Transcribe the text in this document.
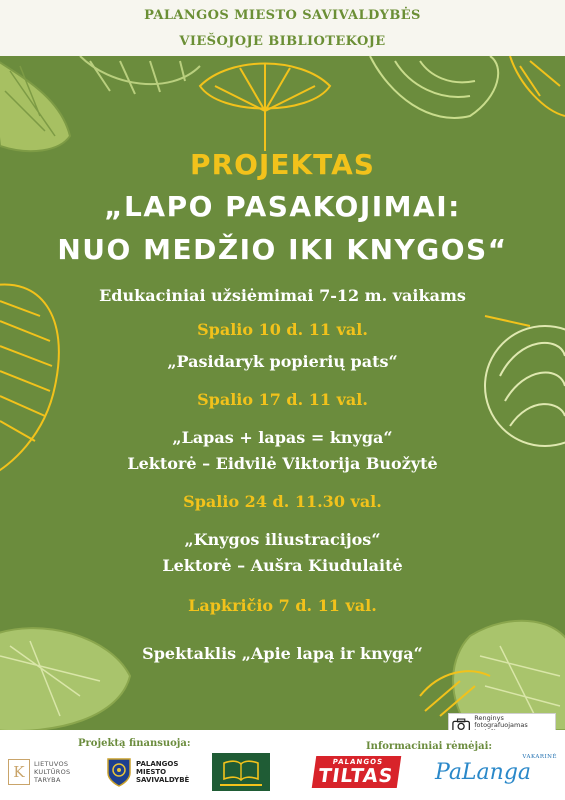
PALANGOS MIESTO SAVIVALDYBĖS
VIEŠOJOJE BIBLIOTEKOJE
PROJEKTAS
„LAPO PASAKOJIMAI:
NUO MEDŽIO IKI KNYGOS“
Edukaciniai užsiėmimai 7-12 m. vaikams
Spalio 10 d. 11 val.
„Pasidaryk popierių pats“
Spalio 17 d. 11 val.
„Lapas + lapas = knyga“
Lektorė – Eidvilė Viktorija Buožytė
Spalio 24 d. 11.30 val.
„Knygos iliustracijos“
Lektorė – Aušra Kiudulaitė
Lapkričio 7 d. 11 val.
Spektaklis „Apie lapą ir knygą“
Renginys fotografuojamas
Projektą finansuoja:	Informaciniai rėmėjai:
K	LIETUVOS
KULTŪROS
TARYBA
PALANGOS
MIESTO
SAVIVALDYBĖ
PALANGOS
TILTAS
VAKARINĖ
PaLanga
